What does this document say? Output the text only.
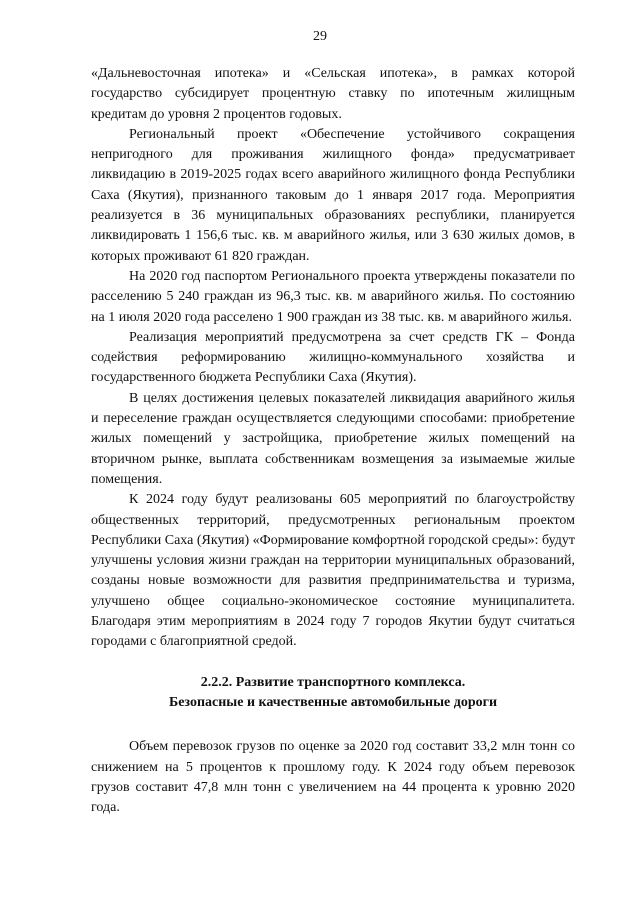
29

«Дальневосточная ипотека» и «Сельская ипотека», в рамках которой государство субсидирует процентную ставку по ипотечным жилищным кредитам до уровня 2 процентов годовых.

Региональный проект «Обеспечение устойчивого сокращения непригодного для проживания жилищного фонда» предусматривает ликвидацию в 2019-2025 годах всего аварийного жилищного фонда Республики Саха (Якутия), признанного таковым до 1 января 2017 года. Мероприятия реализуется в 36 муниципальных образованиях республики, планируется ликвидировать 1 156,6 тыс. кв. м аварийного жилья, или 3 630 жилых домов, в которых проживают 61 820 граждан.

На 2020 год паспортом Регионального проекта утверждены показатели по расселению 5 240 граждан из 96,3 тыс. кв. м аварийного жилья. По состоянию на 1 июля 2020 года расселено 1 900 граждан из 38 тыс. кв. м аварийного жилья.

Реализация мероприятий предусмотрена за счет средств ГК – Фонда содействия реформированию жилищно-коммунального хозяйства и государственного бюджета Республики Саха (Якутия).

В целях достижения целевых показателей ликвидация аварийного жилья и переселение граждан осуществляется следующими способами: приобретение жилых помещений у застройщика, приобретение жилых помещений на вторичном рынке, выплата собственникам возмещения за изымаемые жилые помещения.

К 2024 году будут реализованы 605 мероприятий по благоустройству общественных территорий, предусмотренных региональным проектом Республики Саха (Якутия) «Формирование комфортной городской среды»: будут улучшены условия жизни граждан на территории муниципальных образований, созданы новые возможности для развития предпринимательства и туризма, улучшено общее социально-экономическое состояние муниципалитета. Благодаря этим мероприятиям в 2024 году 7 городов Якутии будут считаться городами с благоприятной средой.

2.2.2. Развитие транспортного комплекса.
Безопасные и качественные автомобильные дороги

Объем перевозок грузов по оценке за 2020 год составит 33,2 млн тонн со снижением на 5 процентов к прошлому году. К 2024 году объем перевозок грузов составит 47,8 млн тонн с увеличением на 44 процента к уровню 2020 года.
